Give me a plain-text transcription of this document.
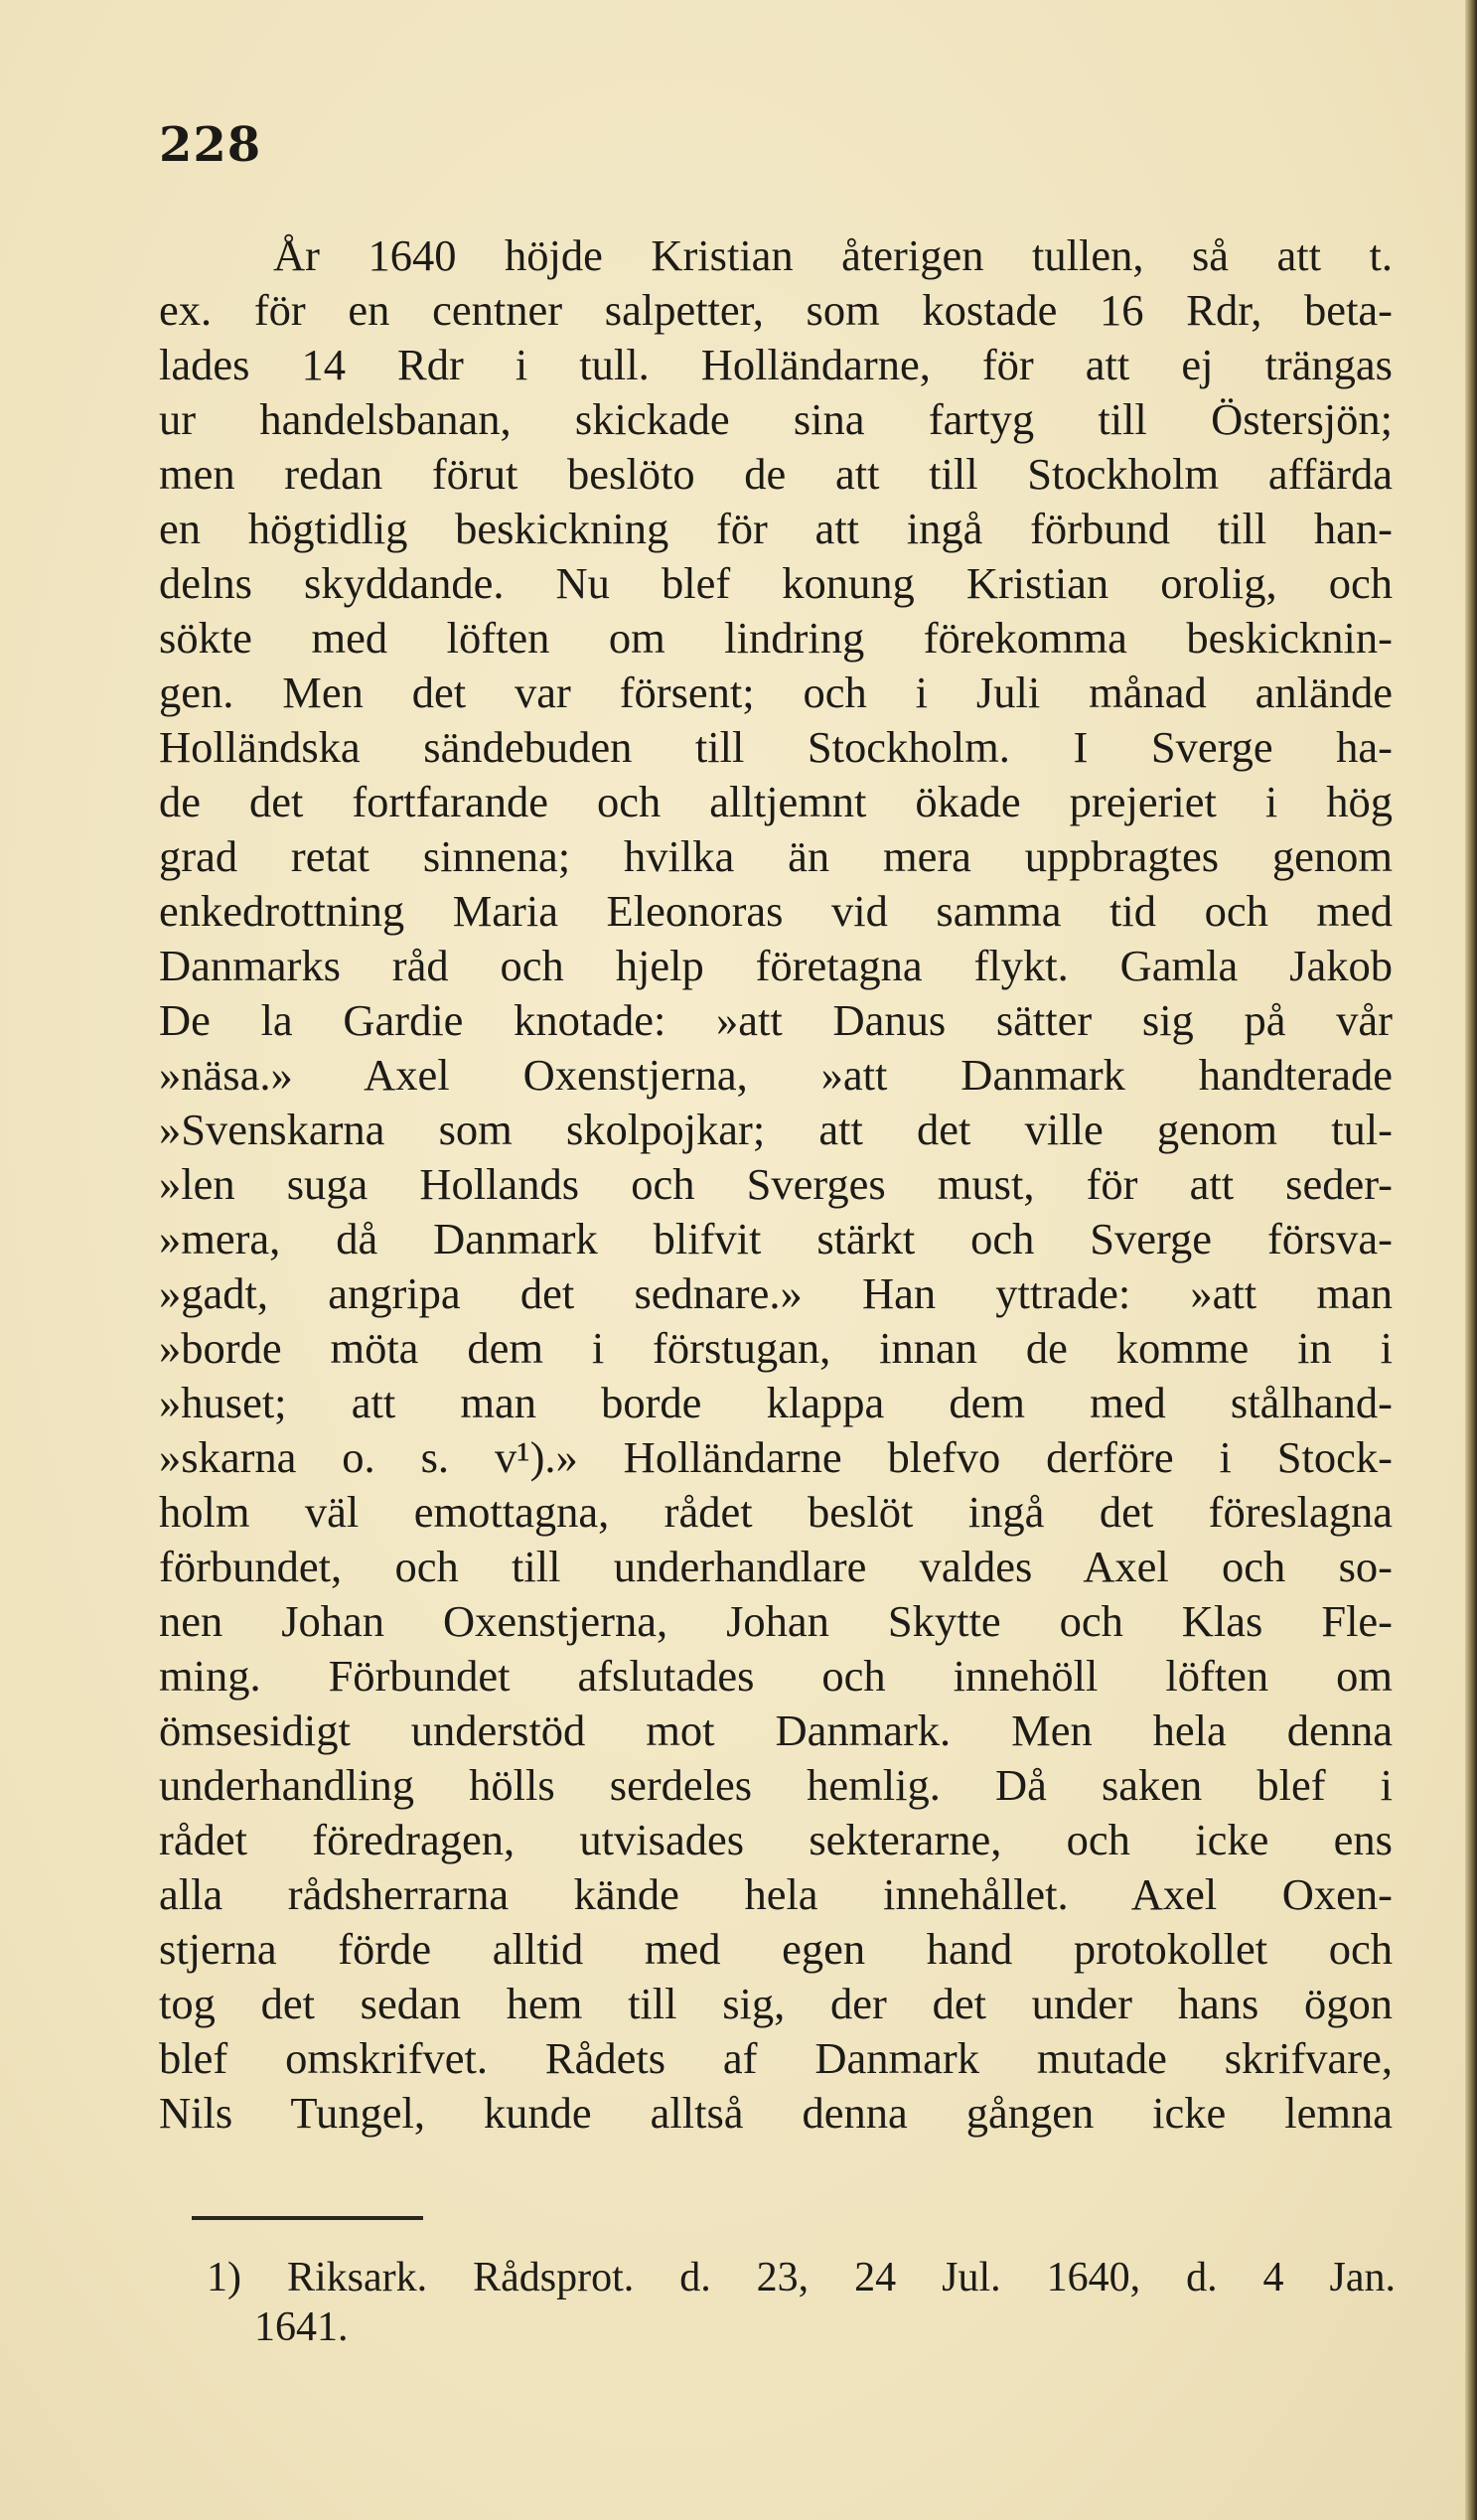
228
År 1640 höjde Kristian återigen tullen, så att t.
ex. för en centner salpetter, som kostade 16 Rdr, beta-
lades 14 Rdr i tull. Holländarne, för att ej trängas
ur handelsbanan, skickade sina fartyg till Östersjön;
men redan förut beslöto de att till Stockholm affärda
en högtidlig beskickning för att ingå förbund till han-
delns skyddande. Nu blef konung Kristian orolig, och
sökte med löften om lindring förekomma beskicknin-
gen. Men det var försent; och i Juli månad anlände
Holländska sändebuden till Stockholm. I Sverge ha-
de det fortfarande och alltjemnt ökade prejeriet i hög
grad retat sinnena; hvilka än mera uppbragtes genom
enkedrottning Maria Eleonoras vid samma tid och med
Danmarks råd och hjelp företagna flykt. Gamla Jakob
De la Gardie knotade: »att Danus sätter sig på vår
»näsa.» Axel Oxenstjerna, »att Danmark handterade
»Svenskarna som skolpojkar; att det ville genom tul-
»len suga Hollands och Sverges must, för att seder-
»mera, då Danmark blifvit stärkt och Sverge försva-
»gadt, angripa det sednare.» Han yttrade: »att man
»borde möta dem i förstugan, innan de komme in i
»huset; att man borde klappa dem med stålhand-
»skarna o. s. v¹).» Holländarne blefvo derföre i Stock-
holm väl emottagna, rådet beslöt ingå det föreslagna
förbundet, och till underhandlare valdes Axel och so-
nen Johan Oxenstjerna, Johan Skytte och Klas Fle-
ming. Förbundet afslutades och innehöll löften om
ömsesidigt understöd mot Danmark. Men hela denna
underhandling hölls serdeles hemlig. Då saken blef i
rådet föredragen, utvisades sekterarne, och icke ens
alla rådsherrarna kände hela innehållet. Axel Oxen-
stjerna förde alltid med egen hand protokollet och
tog det sedan hem till sig, der det under hans ögon
blef omskrifvet. Rådets af Danmark mutade skrifvare,
Nils Tungel, kunde alltså denna gången icke lemna
1) Riksark. Rådsprot. d. 23, 24 Jul. 1640, d. 4 Jan.
1641.
